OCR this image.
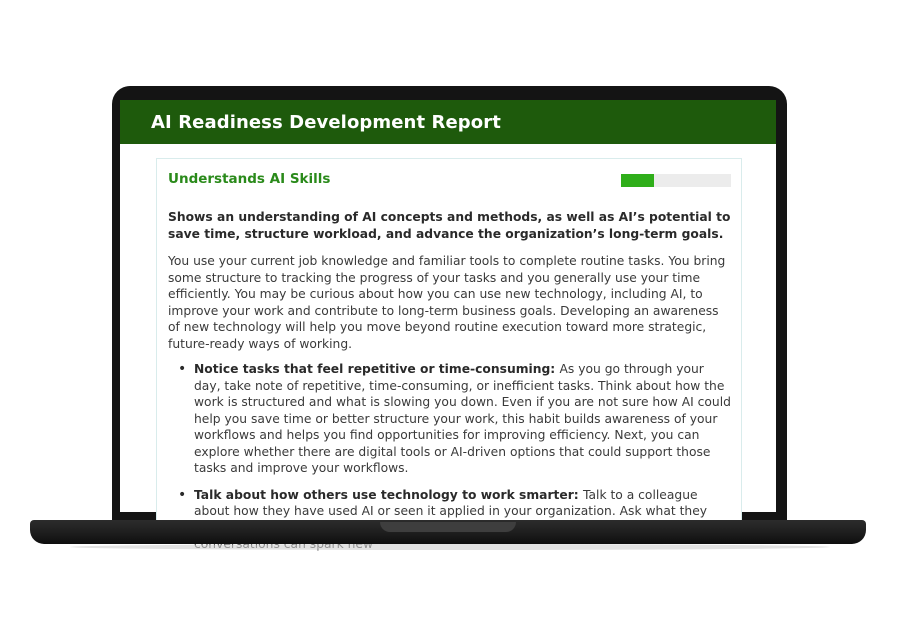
AI Readiness Development Report
Understands AI Skills

Shows an understanding of AI concepts and methods, as well as AI’s potential to save time, structure workload, and advance the organization’s long-term goals.

You use your current job knowledge and familiar tools to complete routine tasks. You bring some structure to tracking the progress of your tasks and you generally use your time efficiently. You may be curious about how you can use new technology, including AI, to improve your work and contribute to long-term business goals. Developing an awareness of new technology will help you move beyond routine execution toward more strategic, future-ready ways of working.

• Notice tasks that feel repetitive or time-consuming: As you go through your day, take note of repetitive, time-consuming, or inefficient tasks. Think about how the work is structured and what is slowing you down. Even if you are not sure how AI could help you save time or better structure your work, this habit builds awareness of your workflows and helps you find opportunities for improving efficiency. Next, you can explore whether there are digital tools or AI-driven options that could support those tasks and improve your workflows.
• Talk about how others use technology to work smarter: Talk to a colleague about how they have used AI or seen it applied in your organization. Ask what they
